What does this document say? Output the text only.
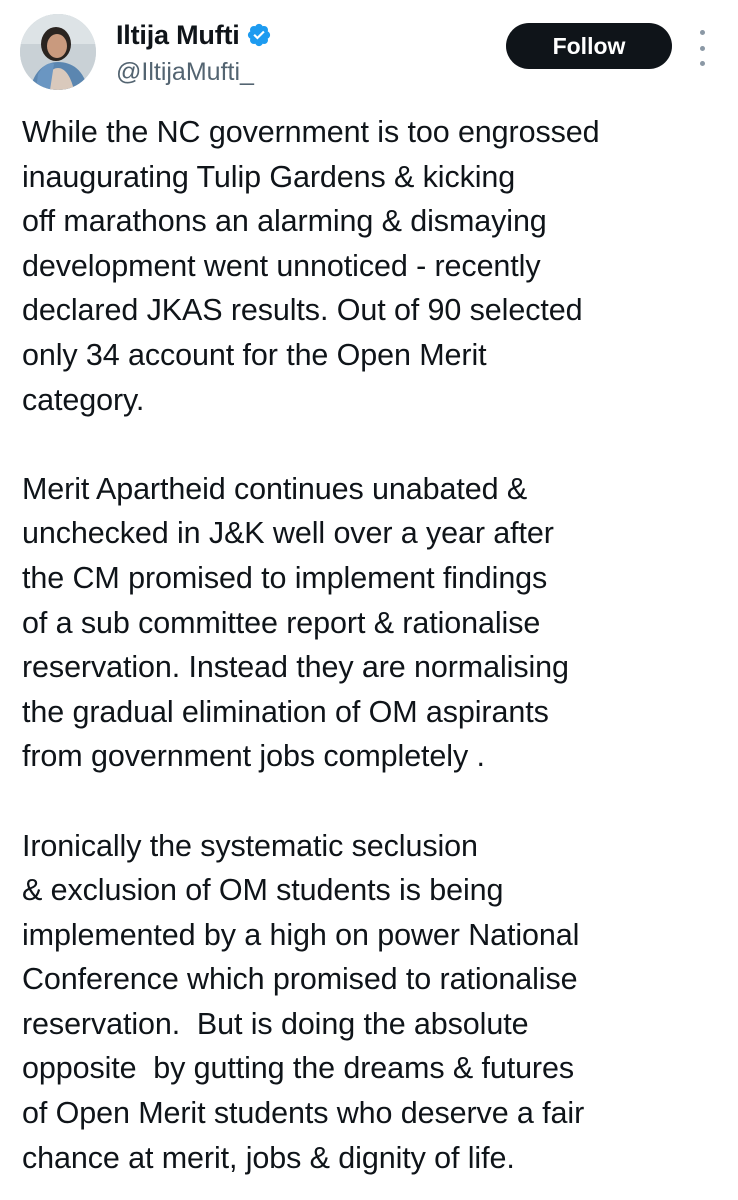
Iltija Mufti
@IltijaMufti_
Follow

While the NC government is too engrossed
inaugurating Tulip Gardens & kicking
off marathons an alarming & dismaying
development went unnoticed - recently
declared JKAS results. Out of 90 selected
only 34 account for the Open Merit
category.

Merit Apartheid continues unabated &
unchecked in J&K well over a year after
the CM promised to implement findings
of a sub committee report & rationalise
reservation. Instead they are normalising
the gradual elimination of OM aspirants
from government jobs completely .

Ironically the systematic seclusion
& exclusion of OM students is being
implemented by a high on power National
Conference which promised to rationalise
reservation.  But is doing the absolute
opposite  by gutting the dreams & futures
of Open Merit students who deserve a fair
chance at merit, jobs & dignity of life.
